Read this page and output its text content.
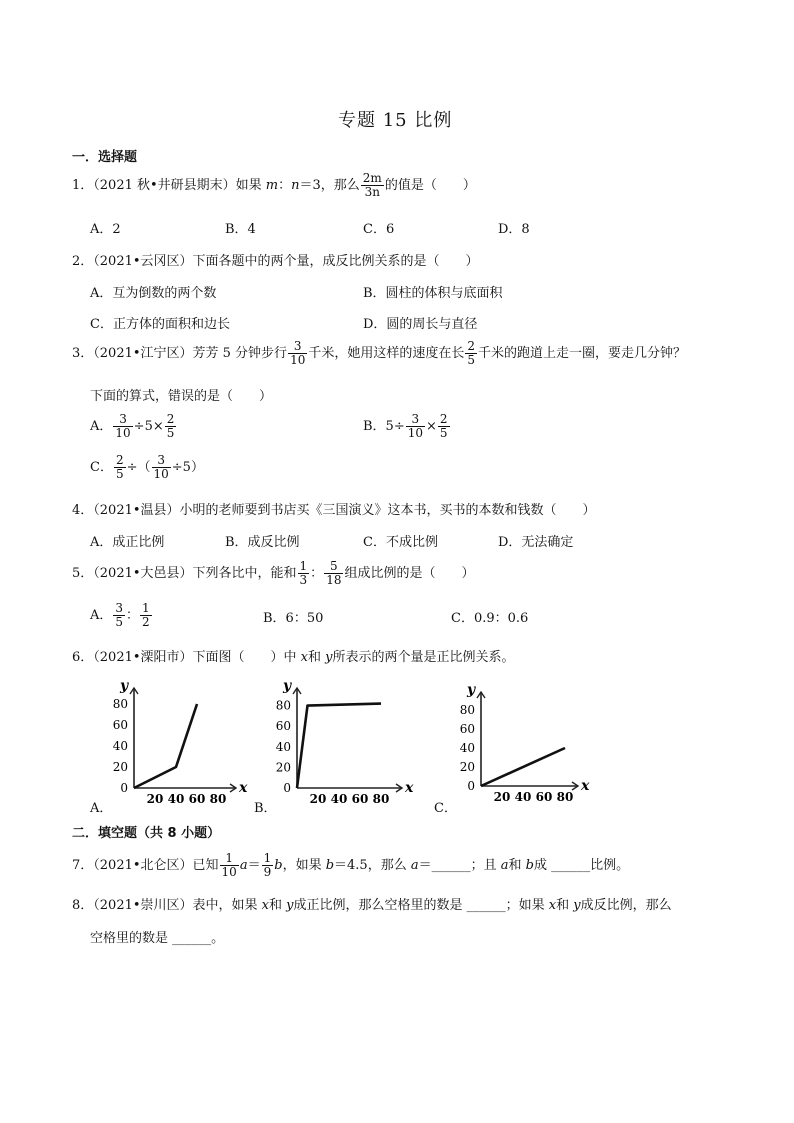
专题 15 比例
一．选择题
1．（2021 秋•井研县期末）如果 m：n＝3，那么 $\frac{2m}{3n}$ 的值是（　　）
A．2	B．4	C．6	D．8
2．（2021•云冈区）下面各题中的两个量，成反比例关系的是（　　）
A．互为倒数的两个数	B．圆柱的体积与底面积
C．正方体的面积和边长	D．圆的周长与直径
3．（2021•江宁区）芳芳 5 分钟步行 $\frac{3}{10}$ 千米，她用这样的速度在长 $\frac{2}{5}$ 千米的跑道上走一圈，要走几分钟？
下面的算式，错误的是（　　）
A． $\frac{3}{10} \div 5\times \frac{2}{5}$	B．$5\div \frac{3}{10} \times \frac{2}{5}$
C． $\frac{2}{5}$ ÷（ $\frac{3}{10} \div 5$）
4．（2021•温县）小明的老师要到书店买《三国演义》这本书，买书的本数和钱数（　　）
A．成正比例	B．成反比例	C．不成比例	D．无法确定
5．（2021•大邑县）下列各比中，能和 $\frac{1}{3}$ ： $\frac{5}{18}$ 组成比例的是（　　）
A． $\frac{3}{5}$ ： $\frac{1}{2}$	B．6：50	C．0.9：0.6
6．（2021•溧阳市）下面图（　　）中 x和 y所表示的两个量是正比例关系。
x
y
80
60
40
20
0
20 40 60 80
x
y
80
60
40
20
0
20 40 60 80
x
y
80
60
40
20
0
20 40 60 80
A．	B．	C．
二．填空题（共 8 小题）
7．（2021•北仑区）已知 $\frac{1}{10} a= \frac{1}{9}$ b，如果 b＝4.5，那么 a＝______；且 a和 b成 ______比例。
8．（2021•崇川区）表中，如果 x和 y成正比例，那么空格里的数是 ______；如果 x和 y成反比例，那么
空格里的数是 ______。
